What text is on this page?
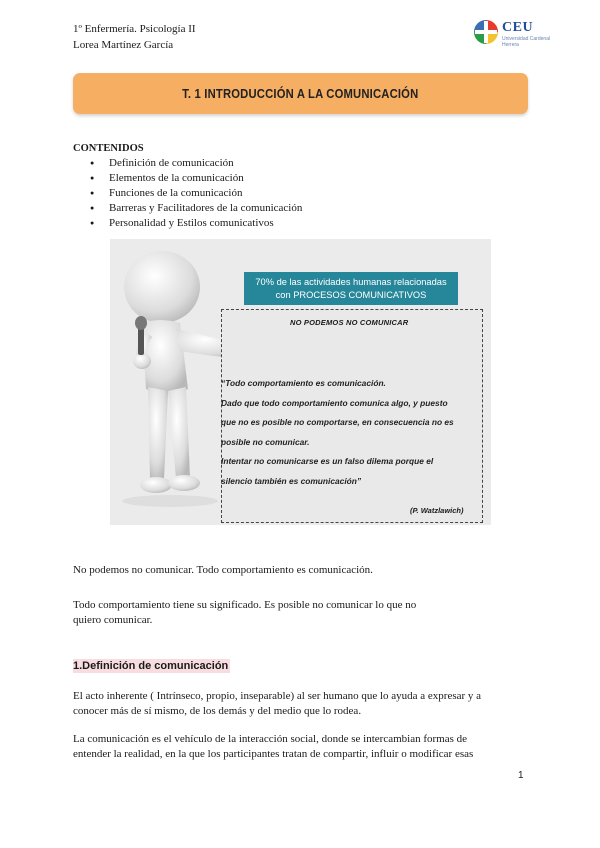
1º Enfermería. Psicología II
Lorea Martínez García
CEU
Universidad Cardenal Herrera
T. 1 INTRODUCCIÓN A LA COMUNICACIÓN
CONTENIDOS
● Definición de comunicación
● Elementos de la comunicación
● Funciones de la comunicación
● Barreras y Facilitadores de la comunicación
● Personalidad y Estilos comunicativos
70% de las actividades humanas relacionadas
con PROCESOS COMUNICATIVOS
NO PODEMOS NO COMUNICAR
“Todo comportamiento es comunicación.
Dado que todo comportamiento comunica algo, y puesto
que no es posible no comportarse, en consecuencia no es
posible no comunicar.
Intentar no comunicarse es un falso dilema porque el
silencio también es comunicación”
(P. Watzlawich)
No podemos no comunicar. Todo comportamiento es comunicación.
Todo comportamiento tiene su significado. Es posible no comunicar lo que no
quiero comunicar.
1.Definición de comunicación
El acto inherente ( Intrínseco, propio, inseparable) al ser humano que lo ayuda a expresar y a
conocer más de sí mismo, de los demás y del medio que lo rodea.
La comunicación es el vehículo de la interacción social, donde se intercambian formas de
entender la realidad, en la que los participantes tratan de compartir, influir o modificar esas
1
